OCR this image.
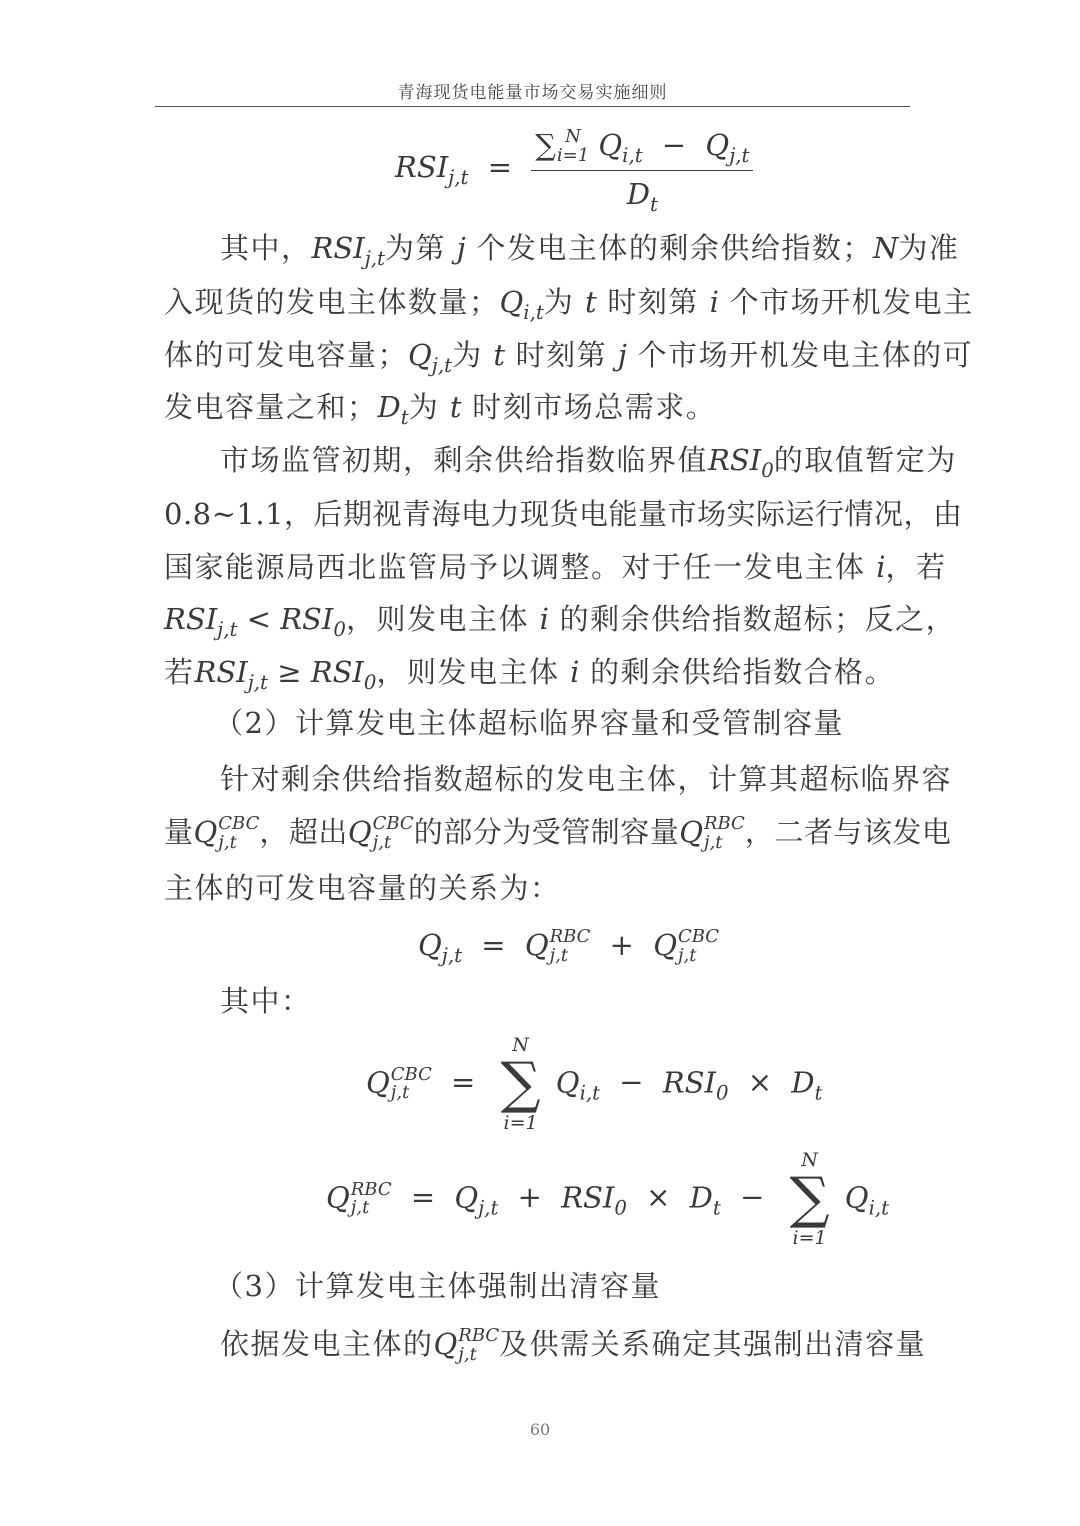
青海现货电能量市场交易实施细则
$RSI_{j,t}$ = ∑ N
i=1 $Q_{i,t} - Q_{j,t}$
$D_t$
其中，$RSI_{j,t}$为第 j 个发电主体的剩余供给指数；N为准
入现货的发电主体数量；$Q_{i,t}$为 t 时刻第 i 个市场开机发电主
体的可发电容量；$Q_{j,t}$为 t 时刻第 j 个市场开机发电主体的可
发电容量之和；$D_t$为 t 时刻市场总需求。
市场监管初期，剩余供给指数临界值$RSI_0$的取值暂定为
0.8~1.1，后期视青海电力现货电能量市场实际运行情况，由
国家能源局西北监管局予以调整。对于任一发电主体 i，若
$RSI_{j,t} < RSI_0$，则发电主体 i 的剩余供给指数超标；反之，
若$RSI_{j,t} \ge RSI_0$，则发电主体 i 的剩余供给指数合格。
（2）计算发电主体超标临界容量和受管制容量
针对剩余供给指数超标的发电主体，计算其超标临界容
量Q CBC
j,t ，超出Q CBC
j,t 的部分为受管制容量Q RBC
j,t ，二者与该发电
主体的可发电容量的关系为：
$Q_{j,t} = Q$ RBC
j,t	+ Q CBC
j,t
其中：
Q CBC
j,t	=
N
∑
i=1
$Q_{i,t} - RSI_0 \times D_t$
Q RBC
j,t	= $Q_{j,t} + RSI_0 \times D_t$ −
N
∑
i=1
$Q_{i,t}$
（3）计算发电主体强制出清容量
依据发电主体的Q RBC
j,t 及供需关系确定其强制出清容量
60
